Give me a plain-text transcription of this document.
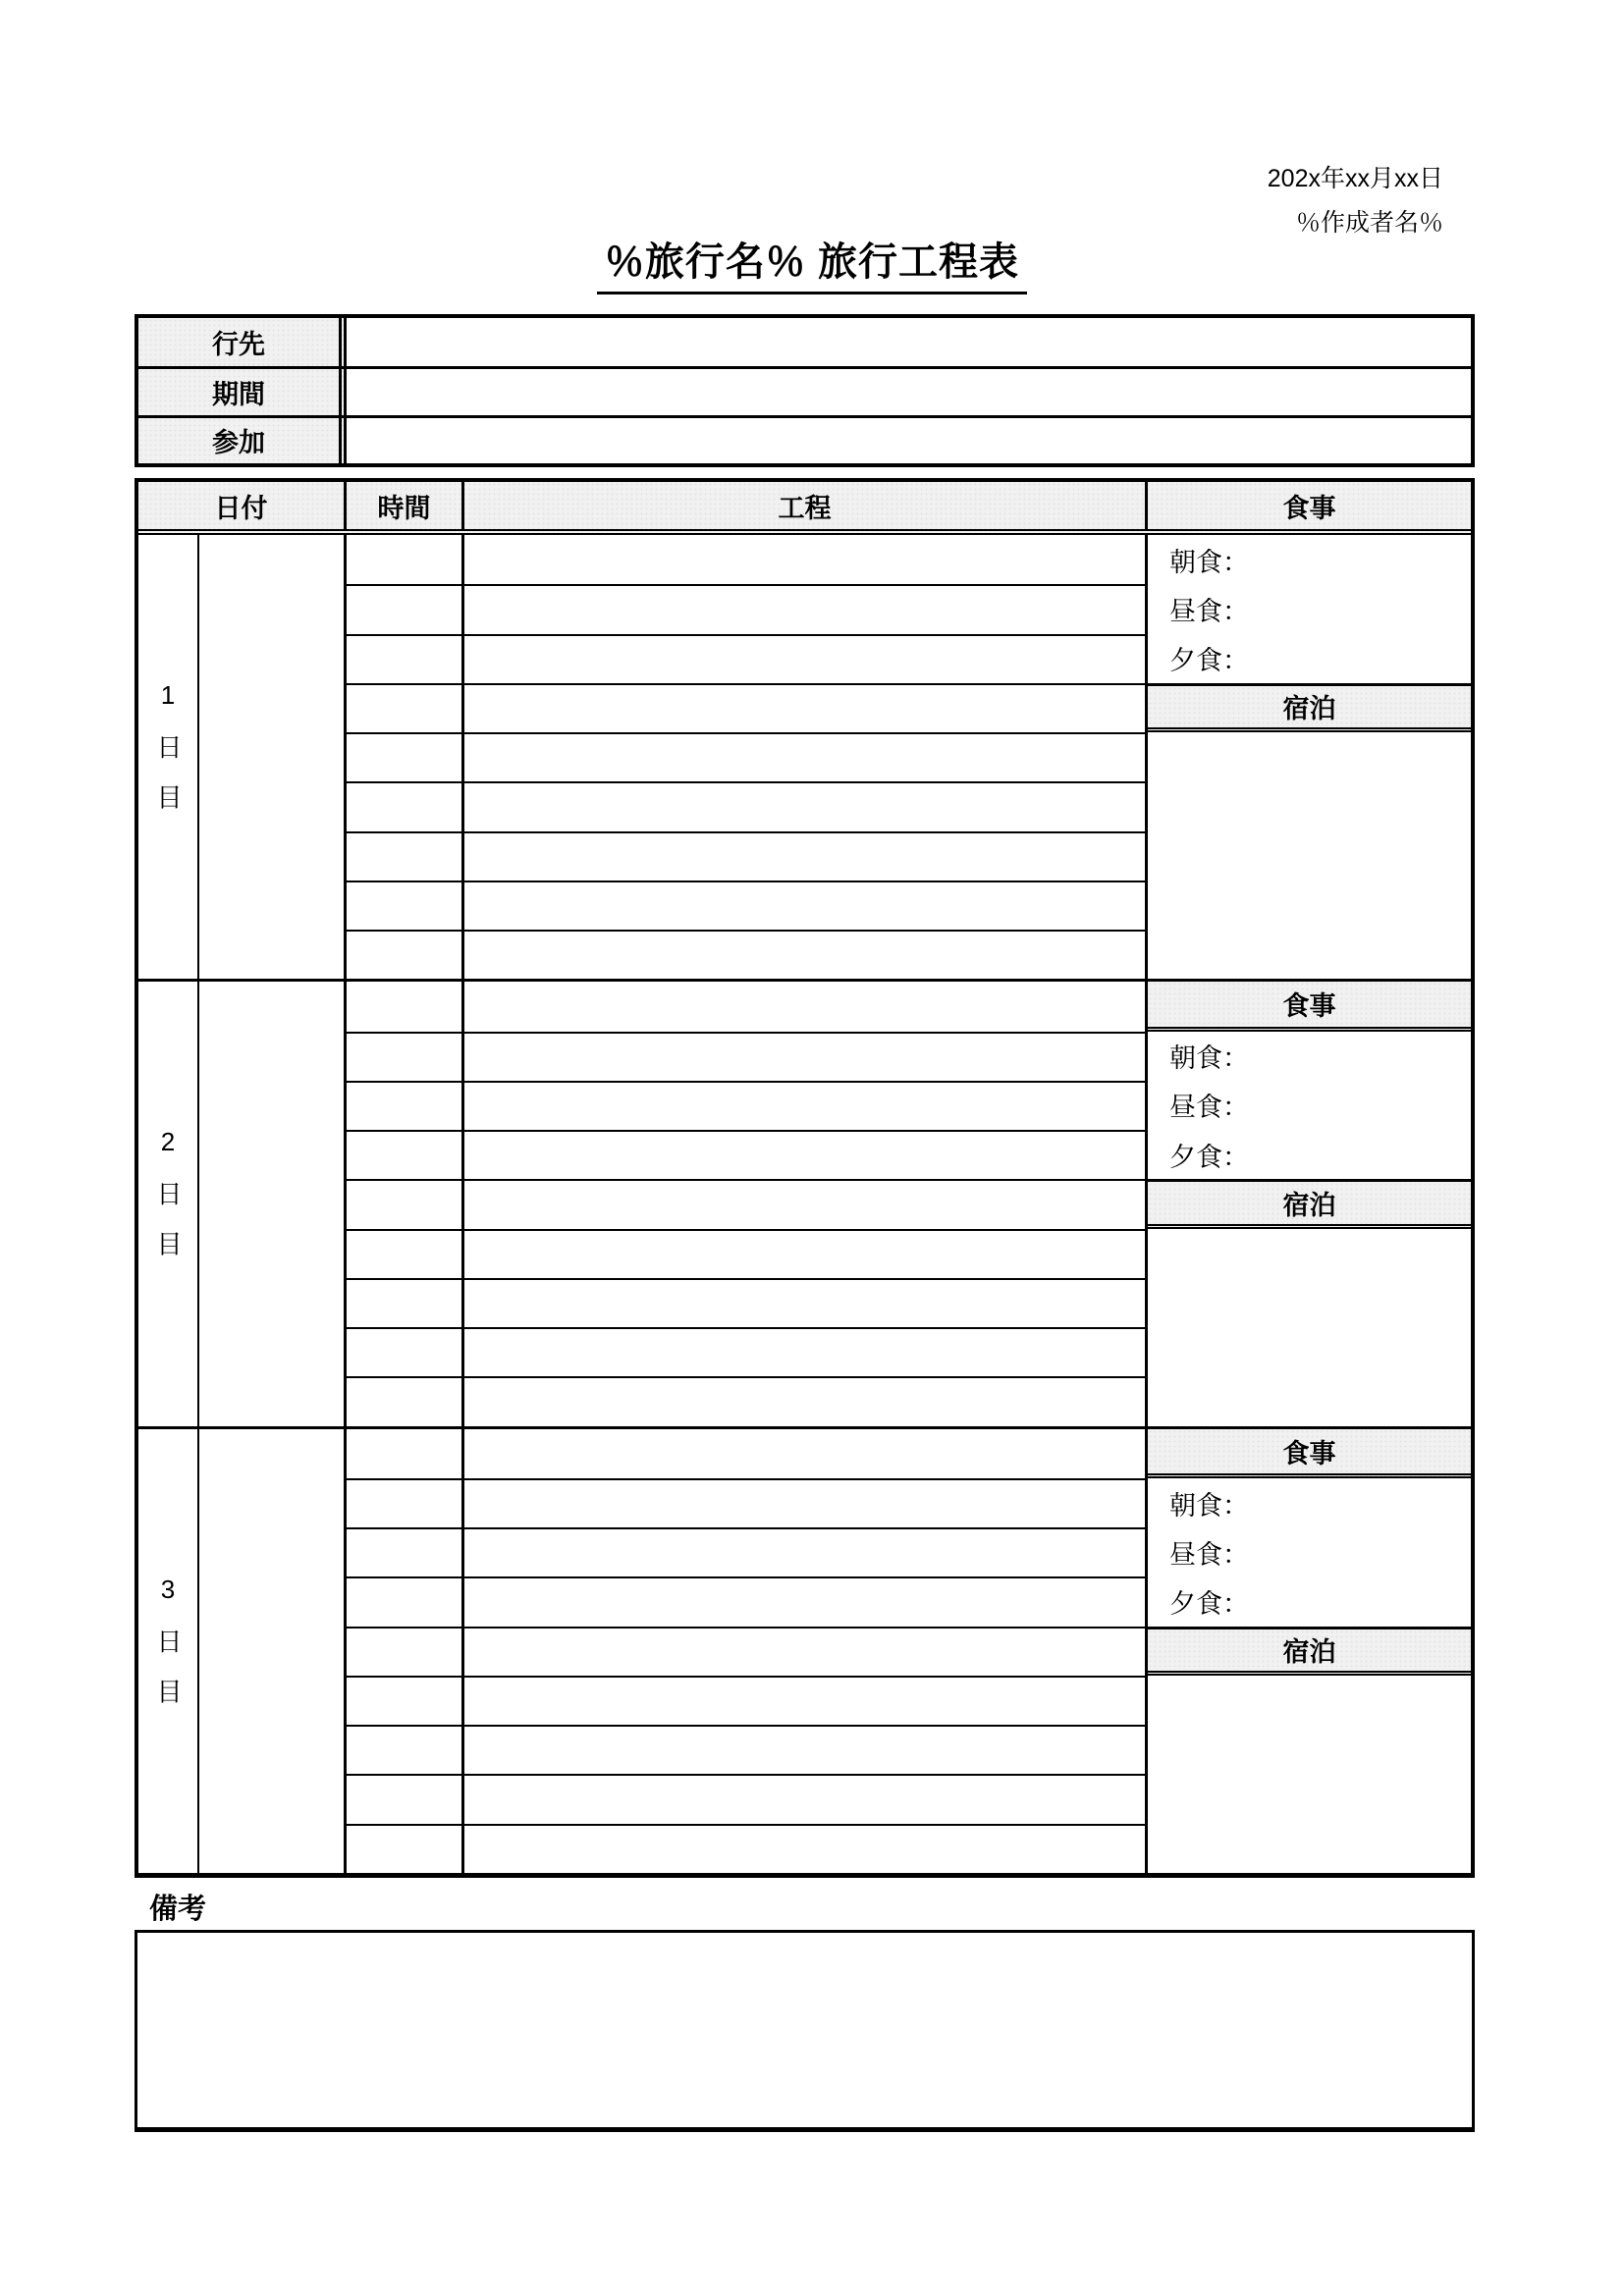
202x年xx月xx日
％作成者名％
％旅行名％ 旅行工程表
行先
期間
参加
日付	時間	工程	食事
1日目
朝食：
昼食：
夕食：
宿泊
2日目
食事
朝食：
昼食：
夕食：
宿泊
3日目
食事
朝食：
昼食：
夕食：
宿泊
備考
